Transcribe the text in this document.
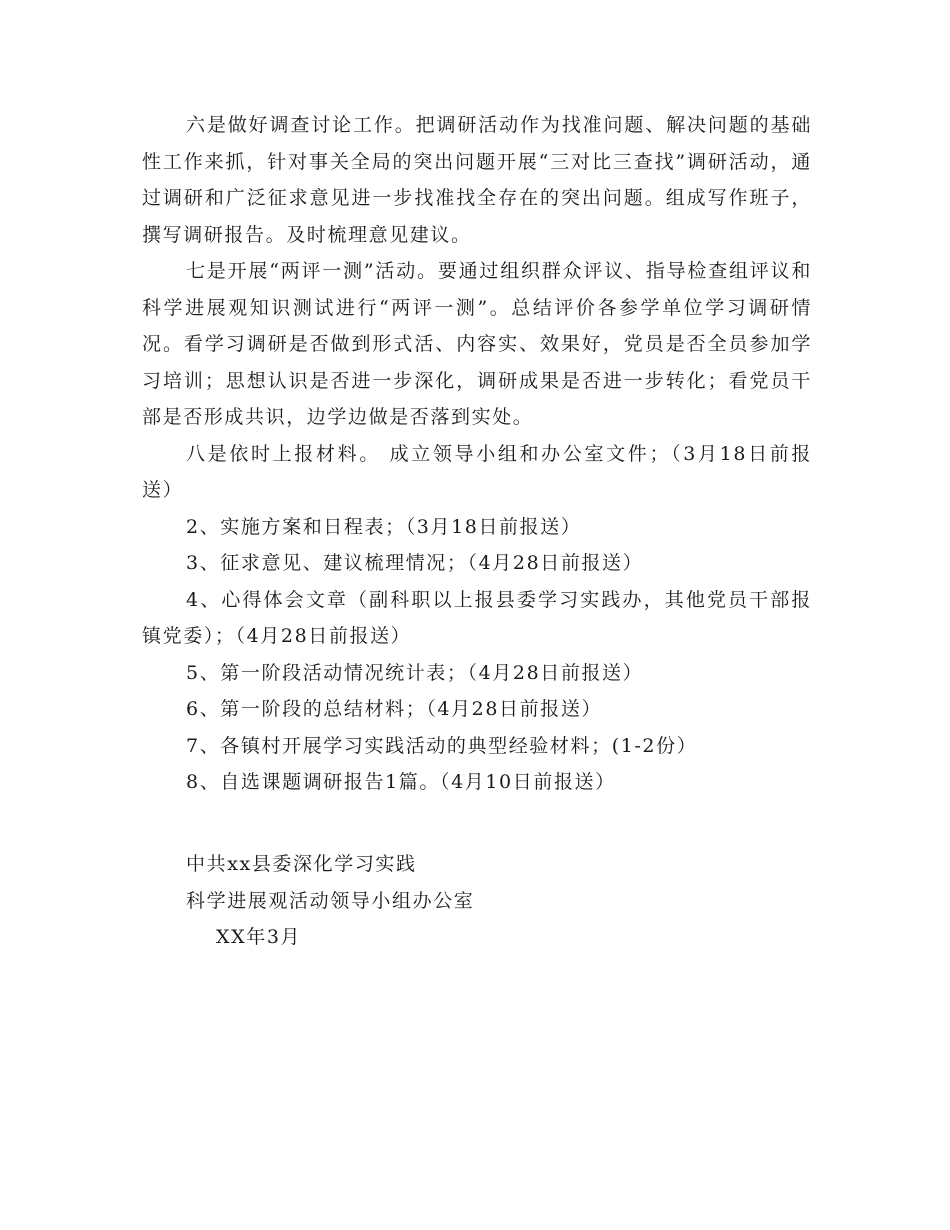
六是做好调查讨论工作。把调研活动作为找准问题、解决问题的基础性工作来抓，针对事关全局的突出问题开展“三对比三查找”调研活动，通过调研和广泛征求意见进一步找准找全存在的突出问题。组成写作班子，撰写调研报告。及时梳理意见建议。

七是开展“两评一测”活动。要通过组织群众评议、指导检查组评议和科学进展观知识测试进行“两评一测”。总结评价各参学单位学习调研情况。看学习调研是否做到形式活、内容实、效果好，党员是否全员参加学习培训；思想认识是否进一步深化，调研成果是否进一步转化；看党员干部是否形成共识，边学边做是否落到实处。

八是依时上报材料。 成立领导小组和办公室文件；（3月18日前报送）

2、实施方案和日程表；（3月18日前报送）

3、征求意见、建议梳理情况；（4月28日前报送）

4、心得体会文章（副科职以上报县委学习实践办，其他党员干部报镇党委）；（4月28日前报送）

5、第一阶段活动情况统计表；（4月28日前报送）

6、第一阶段的总结材料；（4月28日前报送）

7、各镇村开展学习实践活动的典型经验材料；(1-2份）

8、自选课题调研报告1篇。（4月10日前报送）

中共xx县委深化学习实践
科学进展观活动领导小组办公室
XX年3月
